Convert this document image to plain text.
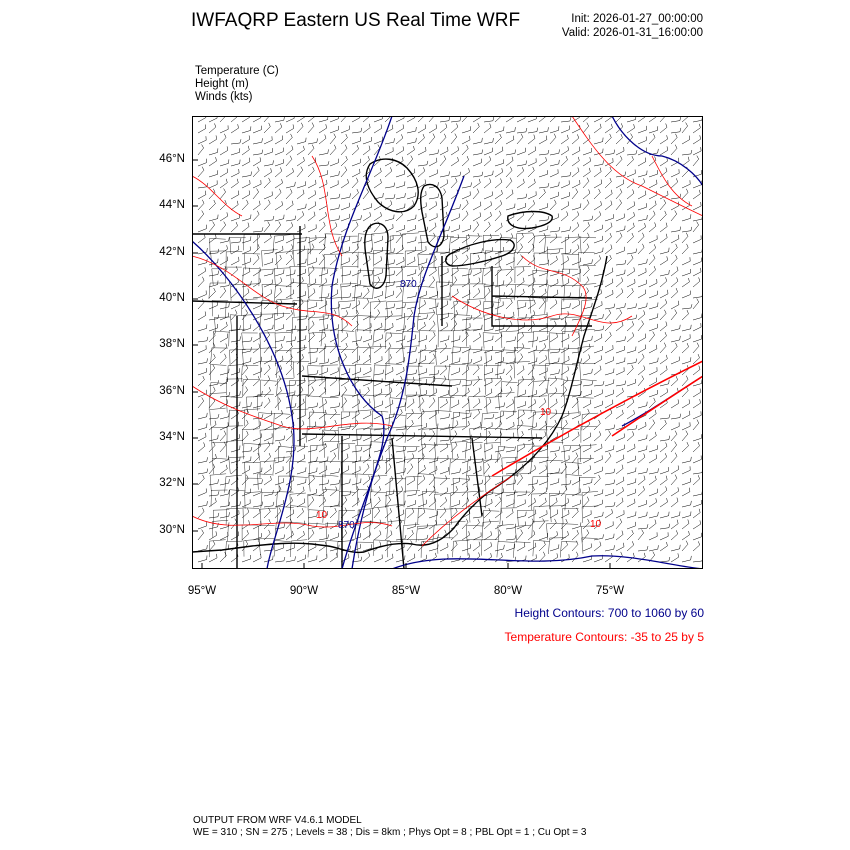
IWFAQRP Eastern US Real Time WRF	Init: 2026-01-27_00:00:00
Valid: 2026-01-31_16:00:00
Temperature (C)
Height (m)
Winds (kts)
46°N
44°N
42°N
40°N
38°N
36°N
34°N
32°N
30°N
95°W	90°W	85°W	80°W	75°W
870
870
10
10
10
Height Contours: 700 to 1060 by 60
Temperature Contours: -35 to 25 by 5
OUTPUT FROM WRF V4.6.1 MODEL
WE = 310 ; SN = 275 ; Levels = 38 ; Dis = 8km ; Phys Opt = 8 ; PBL Opt = 1 ; Cu Opt = 3
